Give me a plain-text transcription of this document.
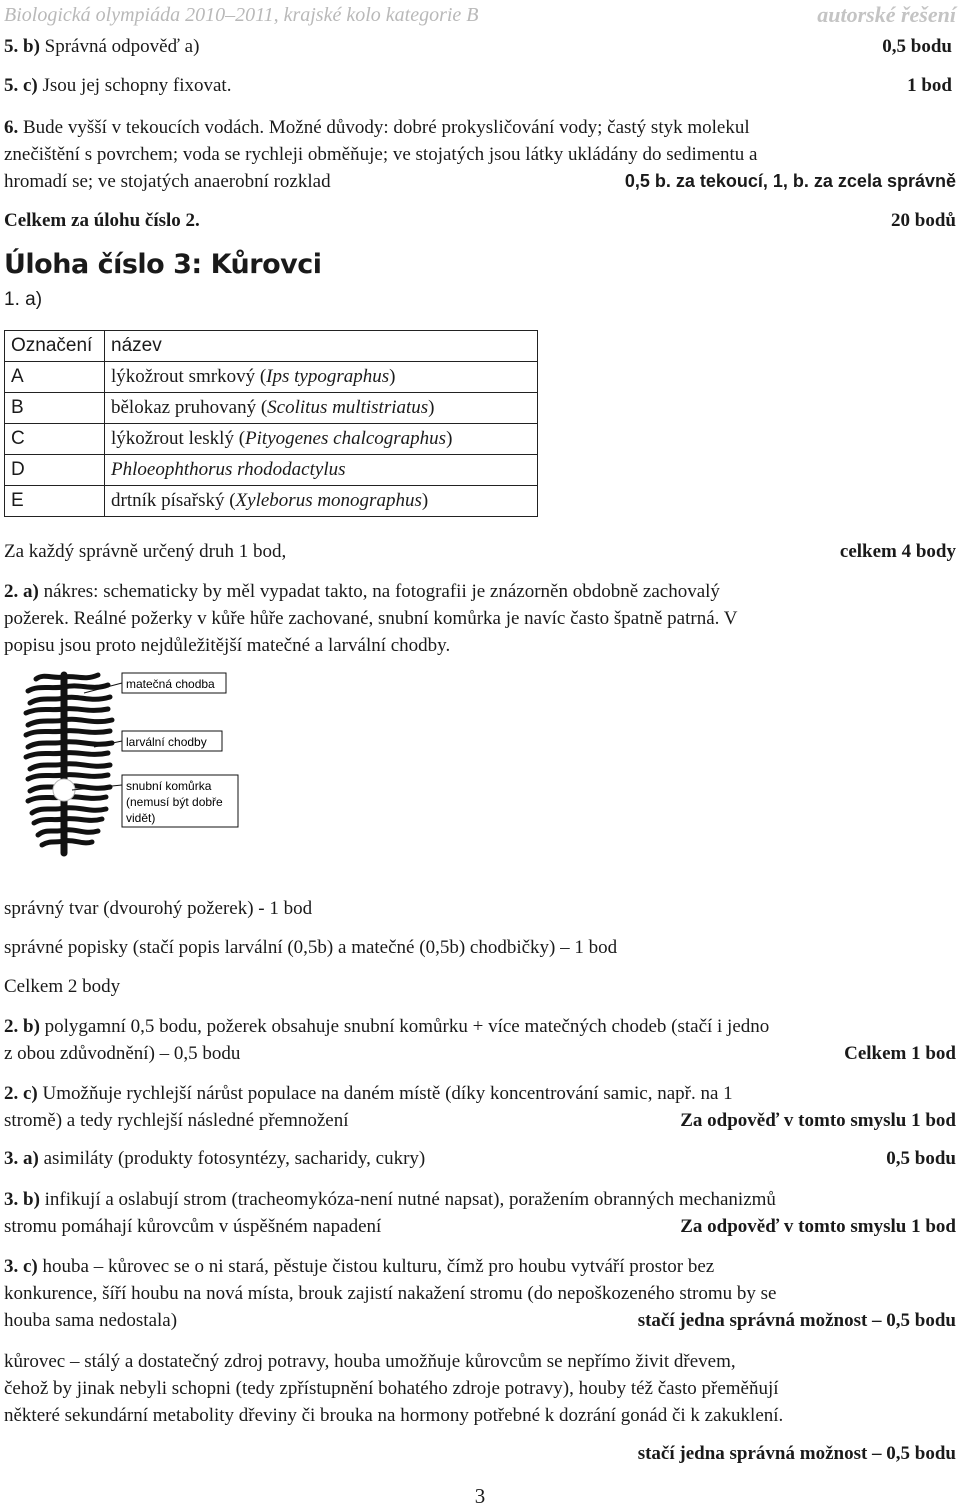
Biologická olympiáda 2010–2011, krajské kolo kategorie B	autorské řešení
5. b) Správná odpověď a)	0,5 bodu
5. c) Jsou jej schopny fixovat.	1 bod
6. Bude vyšší v tekoucích vodách. Možné důvody: dobré prokysličování vody; častý styk molekul
znečištění s povrchem; voda se rychleji obměňuje; ve stojatých jsou látky ukládány do sedimentu a
hromadí se; ve stojatých anaerobní rozklad	0,5 b. za tekoucí, 1, b. za zcela správně
Celkem za úlohu číslo 2.	20 bodů
Úloha číslo 3: Kůrovci
1. a)
Označení	název
A	lýkožrout smrkový (Ips typographus)
B	bělokaz pruhovaný (Scolitus multistriatus)
C	lýkožrout lesklý (Pityogenes chalcographus)
D	Phloeophthorus rhododactylus
E	drtník písařský (Xyleborus monographus)
Za každý správně určený druh 1 bod,	celkem 4 body
2. a) nákres: schematicky by měl vypadat takto, na fotografii je znázorněn obdobně zachovalý
požerek. Reálné požerky v kůře hůře zachované, snubní komůrka je navíc často špatně patrná. V
popisu jsou proto nejdůležitější matečné a larvální chodby.
matečná chodba
larvální chodby
snubní komůrka
(nemusí být dobře
vidět)
správný tvar (dvourohý požerek) - 1 bod
správné popisky (stačí popis larvální (0,5b) a matečné (0,5b) chodbičky) – 1 bod
Celkem 2 body
2. b) polygamní 0,5 bodu, požerek obsahuje snubní komůrku + více matečných chodeb (stačí i jedno
z obou zdůvodnění) – 0,5 bodu	Celkem 1 bod
2. c) Umožňuje rychlejší nárůst populace na daném místě (díky koncentrování samic, např. na 1
stromě) a tedy rychlejší následné přemnožení	Za odpověď v tomto smyslu 1 bod
3. a) asimiláty (produkty fotosyntézy, sacharidy, cukry)	0,5 bodu
3. b) infikují a oslabují strom (tracheomykóza-není nutné napsat), poražením obranných mechanizmů
stromu pomáhají kůrovcům v úspěšném napadení	Za odpověď v tomto smyslu 1 bod
3. c) houba – kůrovec se o ni stará, pěstuje čistou kulturu, čímž pro houbu vytváří prostor bez
konkurence, šíří houbu na nová místa, brouk zajistí nakažení stromu (do nepoškozeného stromu by se
houba sama nedostala)	stačí jedna správná možnost – 0,5 bodu
kůrovec – stálý a dostatečný zdroj potravy, houba umožňuje kůrovcům se nepřímo živit dřevem,
čehož by jinak nebyli schopni (tedy zpřístupnění bohatého zdroje potravy), houby též často přeměňují
některé sekundární metabolity dřeviny či brouka na hormony potřebné k dozrání gonád či k zakuklení.
stačí jedna správná možnost – 0,5 bodu
3
